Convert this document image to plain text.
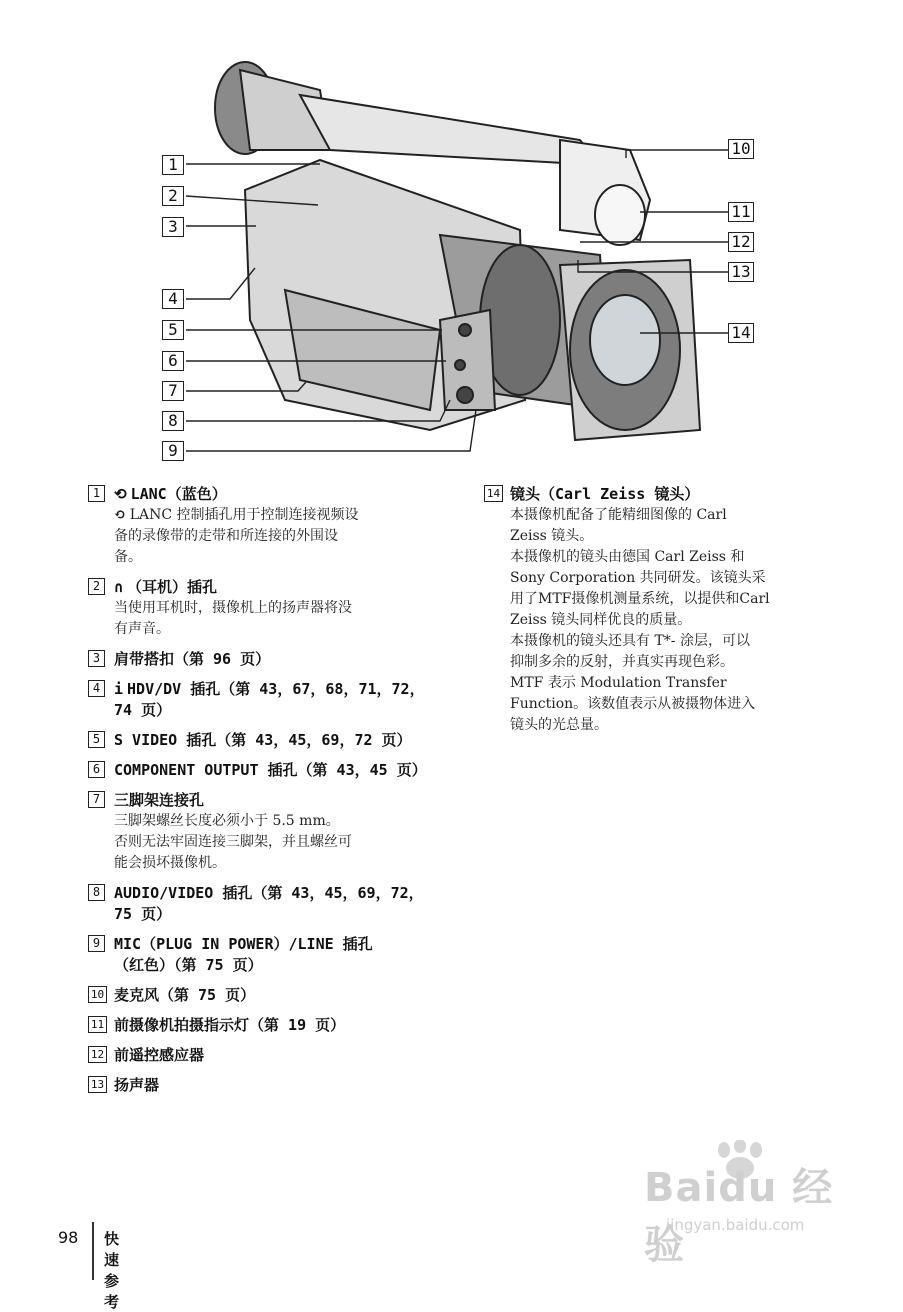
1
2
3
4
5
6
7
8
9
10
11
12
13
14
1 ⟲ LANC（蓝色）
⟲ LANC 控制插孔用于控制连接视频设
备的录像带的走带和所连接的外围设
备。
2 ∩ （耳机）插孔
当使用耳机时，摄像机上的扬声器将没
有声音。
3 肩带搭扣（第 96 页）
4 i HDV/DV 插孔（第 43，67，68，71，72，
74 页）
5 S VIDEO 插孔（第 43，45，69，72 页）
6 COMPONENT OUTPUT 插孔（第 43，45 页）
7 三脚架连接孔
三脚架螺丝长度必须小于 5.5 mm。
否则无法牢固连接三脚架，并且螺丝可
能会损坏摄像机。
8 AUDIO/VIDEO 插孔（第 43，45，69，72，
75 页）
9 MIC（PLUG IN POWER）/LINE 插孔
（红色）（第 75 页）
10 麦克风（第 75 页）
11 前摄像机拍摄指示灯（第 19 页）
12 前遥控感应器
13 扬声器
14 镜头（Carl Zeiss 镜头）
本摄像机配备了能精细图像的 Carl
Zeiss 镜头。
本摄像机的镜头由德国 Carl Zeiss 和
Sony Corporation 共同研发。该镜头采
用了MTF摄像机测量系统，以提供和Carl
Zeiss 镜头同样优良的质量。
本摄像机的镜头还具有 T*- 涂层，可以
抑制多余的反射，并真实再现色彩。
MTF 表示 Modulation Transfer
Function。该数值表示从被摄物体进入
镜头的光总量。
Baidu 经验
jingyan.baidu.com
98 快速参考
